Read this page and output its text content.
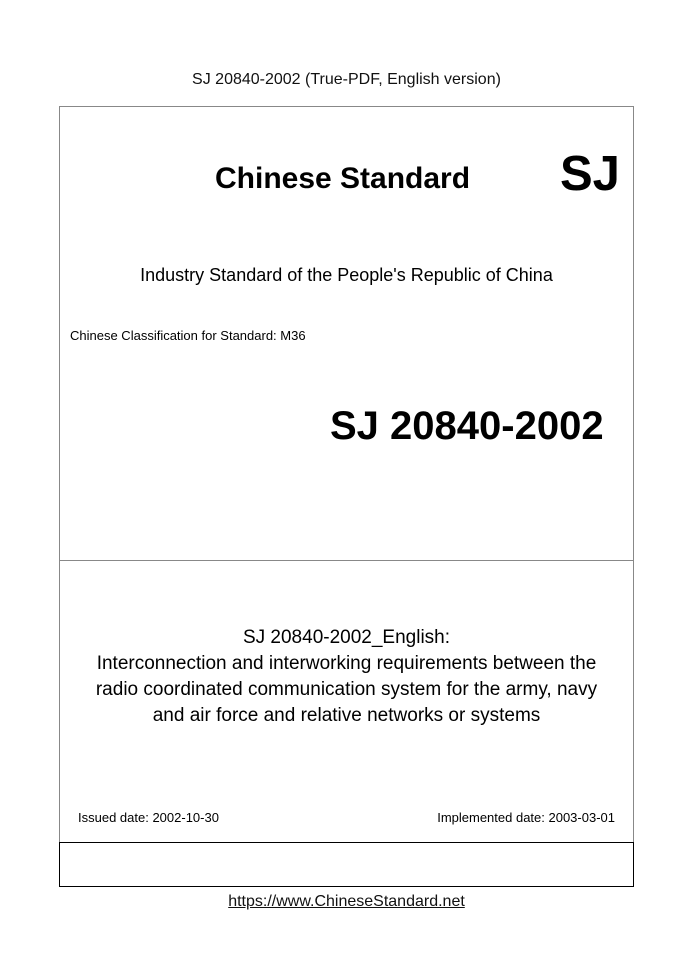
SJ 20840-2002 (True-PDF, English version)
Chinese Standard SJ
Industry Standard of the People's Republic of China
Chinese Classification for Standard: M36
SJ 20840-2002
SJ 20840-2002_English:
Interconnection and interworking requirements between the
radio coordinated communication system for the army, navy
and air force and relative networks or systems
Issued date: 2002-10-30	Implemented date: 2003-03-01
https://www.ChineseStandard.net
